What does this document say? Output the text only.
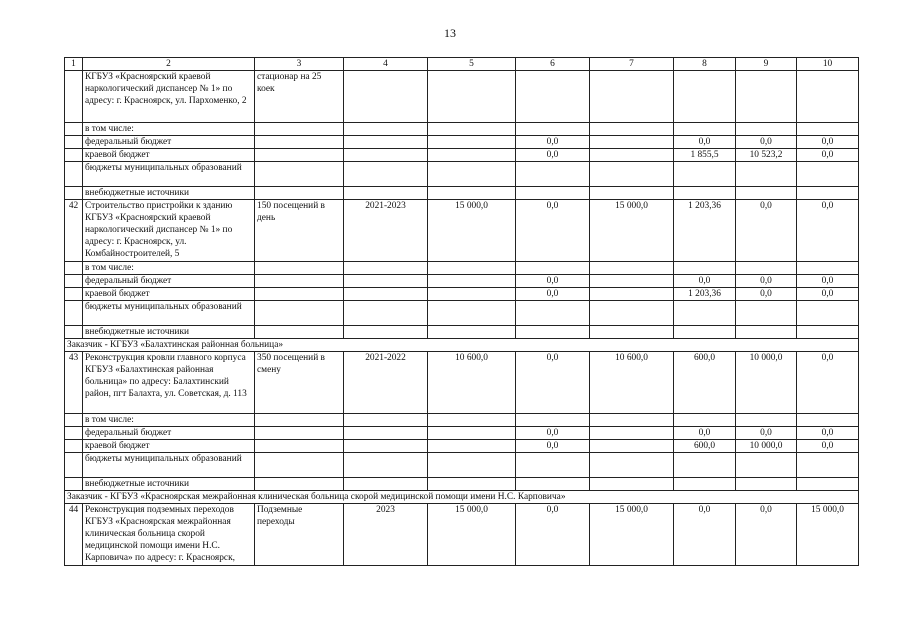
13
1	2	3	4	5	6	7	8	9	10
	КГБУЗ «Красноярский краевой наркологический диспансер № 1» по адресу: г. Красноярск, ул. Пархоменко, 2	стационар на 25 коек							
	в том числе:								
	федеральный бюджет				0,0		0,0	0,0	0,0
	краевой бюджет				0,0		1 855,5	10 523,2	0,0
	бюджеты муниципальных образований								
	внебюджетные источники								
42	Строительство пристройки к зданию КГБУЗ «Красноярский краевой наркологический диспансер № 1» по адресу: г. Красноярск, ул. Комбайностроителей, 5	150 посещений в день	2021-2023	15 000,0	0,0	15 000,0	1 203,36	0,0	0,0
	в том числе:								
	федеральный бюджет				0,0		0,0	0,0	0,0
	краевой бюджет				0,0		1 203,36	0,0	0,0
	бюджеты муниципальных образований								
	внебюджетные источники								
Заказчик - КГБУЗ «Балахтинская районная больница»									
43	Реконструкция кровли главного корпуса КГБУЗ «Балахтинская районная больница» по адресу: Балахтинский район, пгт Балахта, ул. Советская, д. 113	350 посещений в смену	2021-2022	10 600,0	0,0	10 600,0	600,0	10 000,0	0,0
	в том числе:								
	федеральный бюджет				0,0		0,0	0,0	0,0
	краевой бюджет				0,0		600,0	10 000,0	0,0
	бюджеты муниципальных образований								
	внебюджетные источники								
Заказчик - КГБУЗ «Красноярская межрайонная клиническая больница скорой медицинской помощи имени Н.С. Карповича»									
44	Реконструкция подземных переходов КГБУЗ «Красноярская межрайонная клиническая больница скорой медицинской помощи имени Н.С. Карповича» по адресу: г. Красноярск,	Подземные переходы	2023	15 000,0	0,0	15 000,0	0,0	0,0	15 000,0
